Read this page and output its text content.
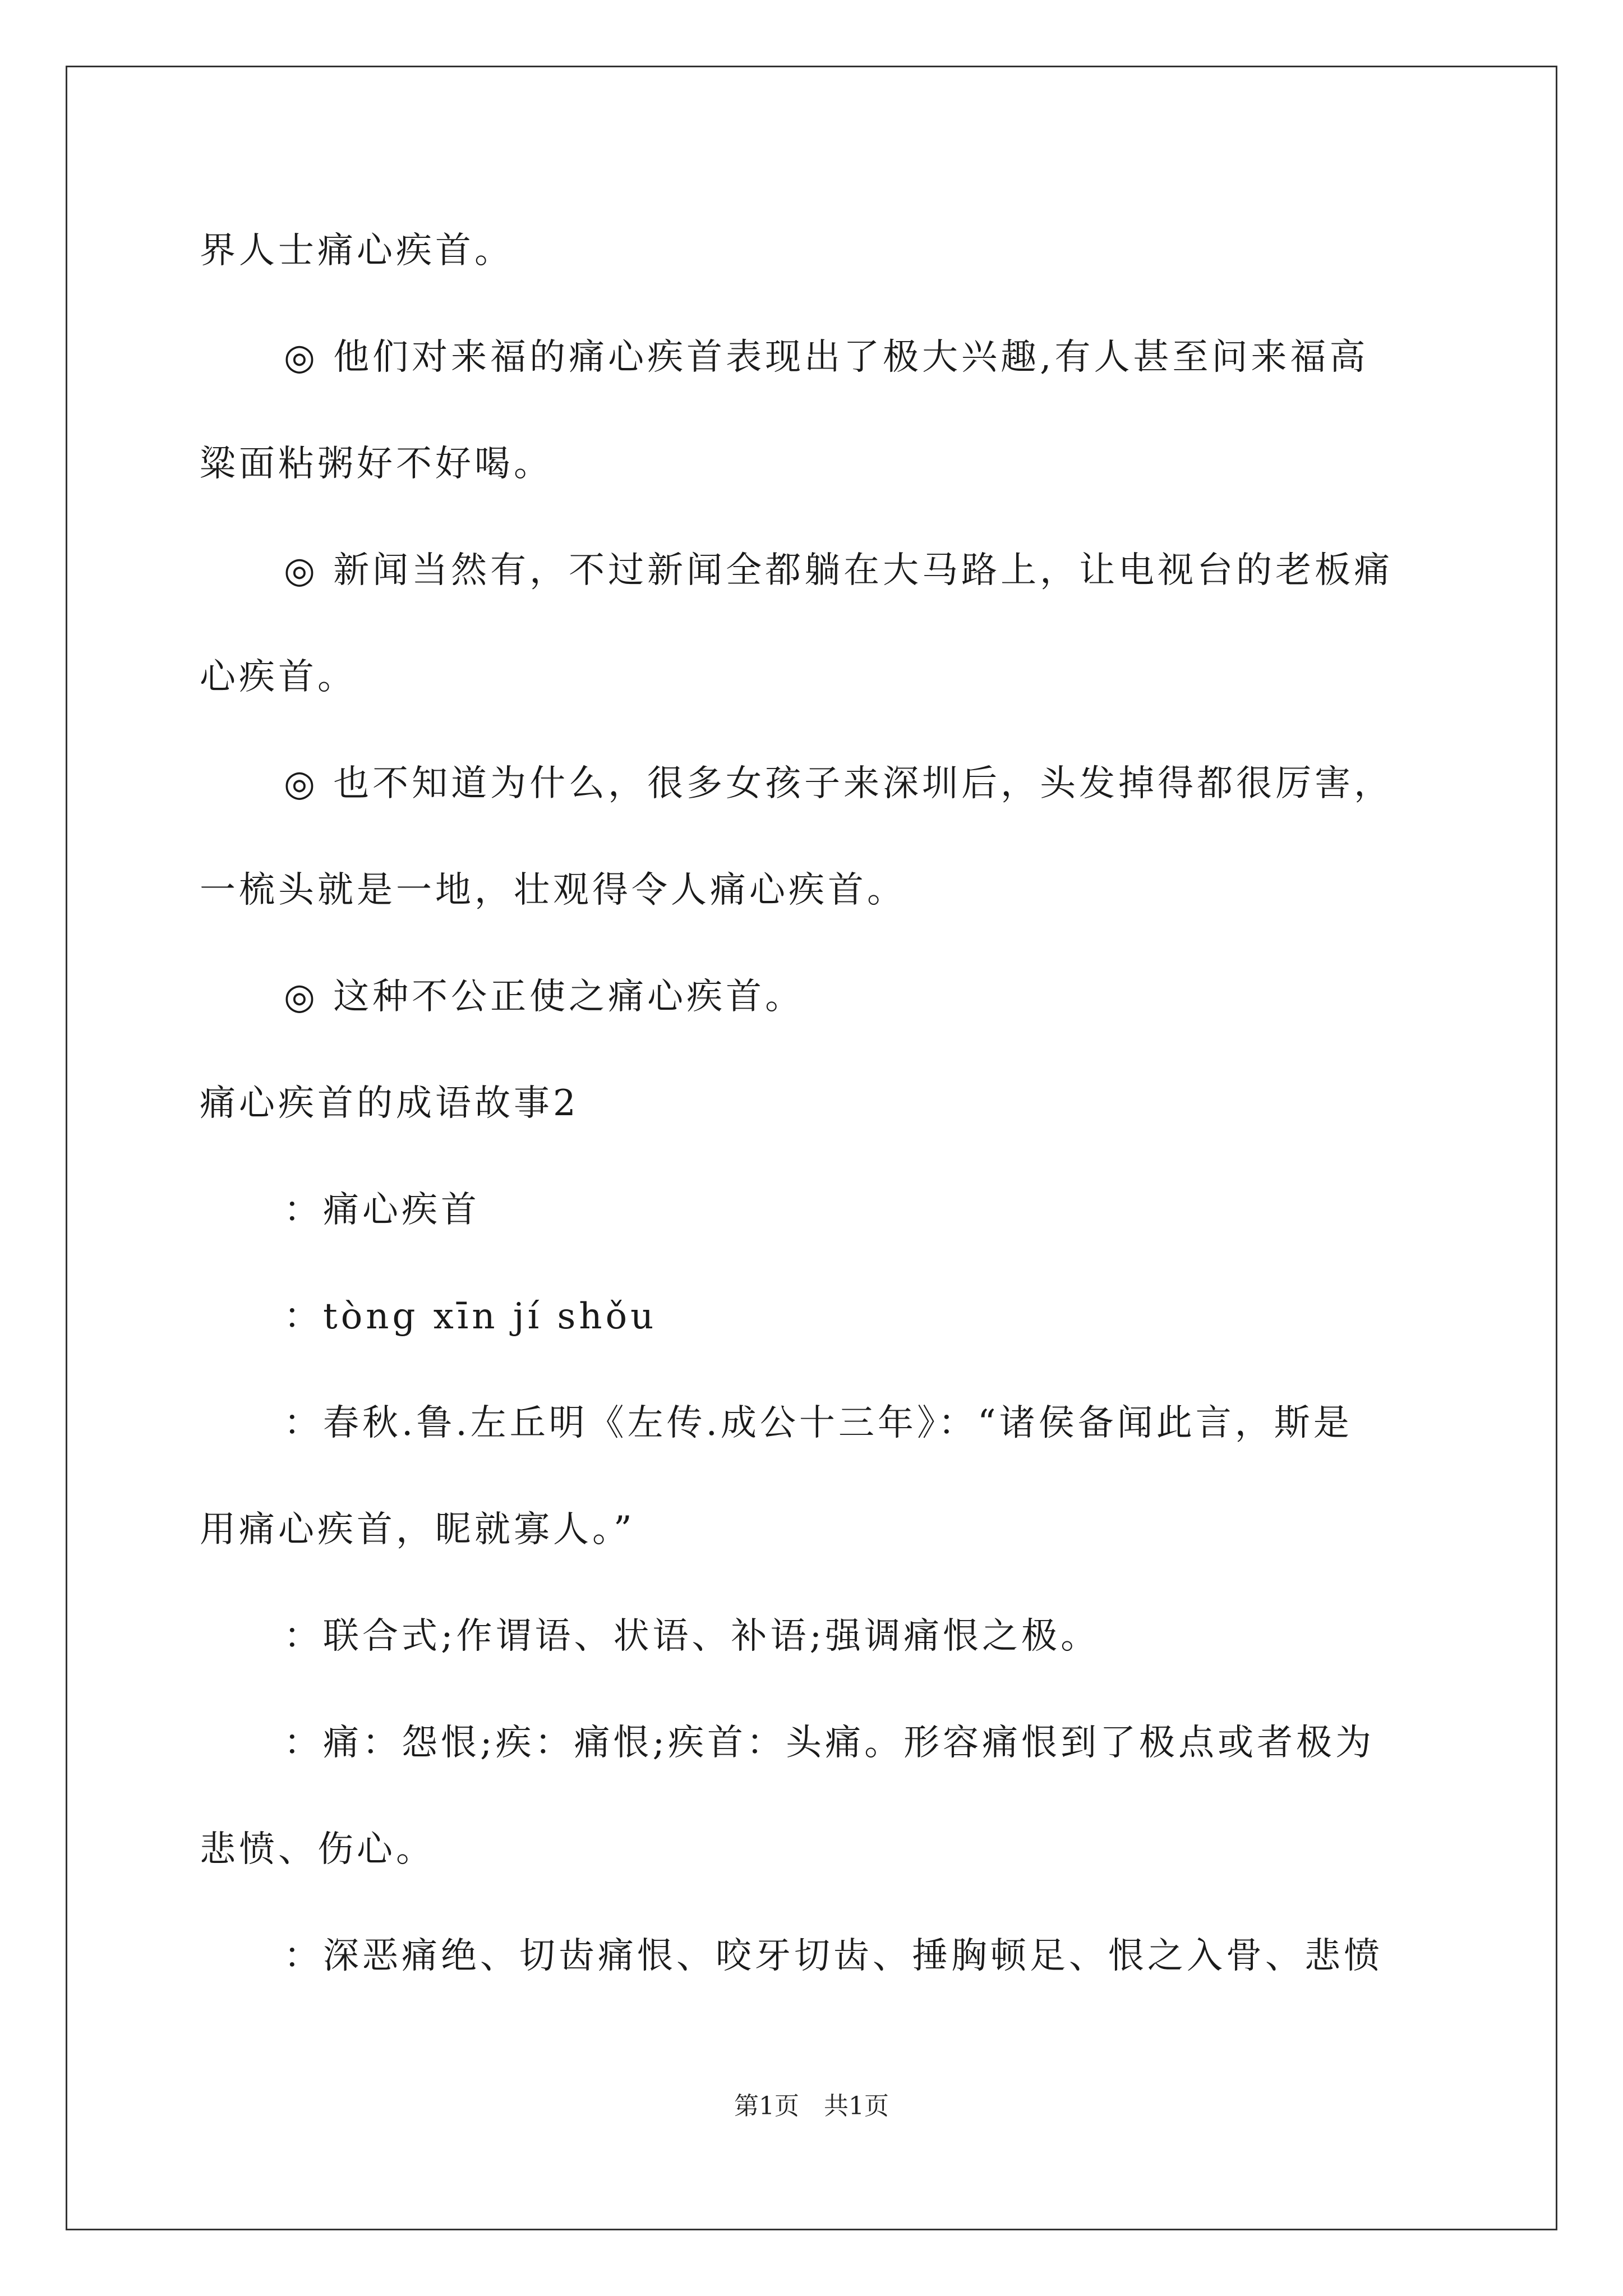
界人士痛心疾首。
◎ 他们对来福的痛心疾首表现出了极大兴趣,有人甚至问来福高
粱面粘粥好不好喝。
◎ 新闻当然有，不过新闻全都躺在大马路上，让电视台的老板痛
心疾首。
◎ 也不知道为什么，很多女孩子来深圳后，头发掉得都很厉害，
一梳头就是一地，壮观得令人痛心疾首。
◎ 这种不公正使之痛心疾首。
痛心疾首的成语故事2
：痛心疾首
：tòng xīn jí shǒu
：春秋.鲁.左丘明《左传.成公十三年》：“诸侯备闻此言，斯是
用痛心疾首，昵就寡人。”
：联合式;作谓语、状语、补语;强调痛恨之极。
：痛：怨恨;疾：痛恨;疾首：头痛。形容痛恨到了极点或者极为
悲愤、伤心。
：深恶痛绝、切齿痛恨、咬牙切齿、捶胸顿足、恨之入骨、悲愤
第1页　共1页
